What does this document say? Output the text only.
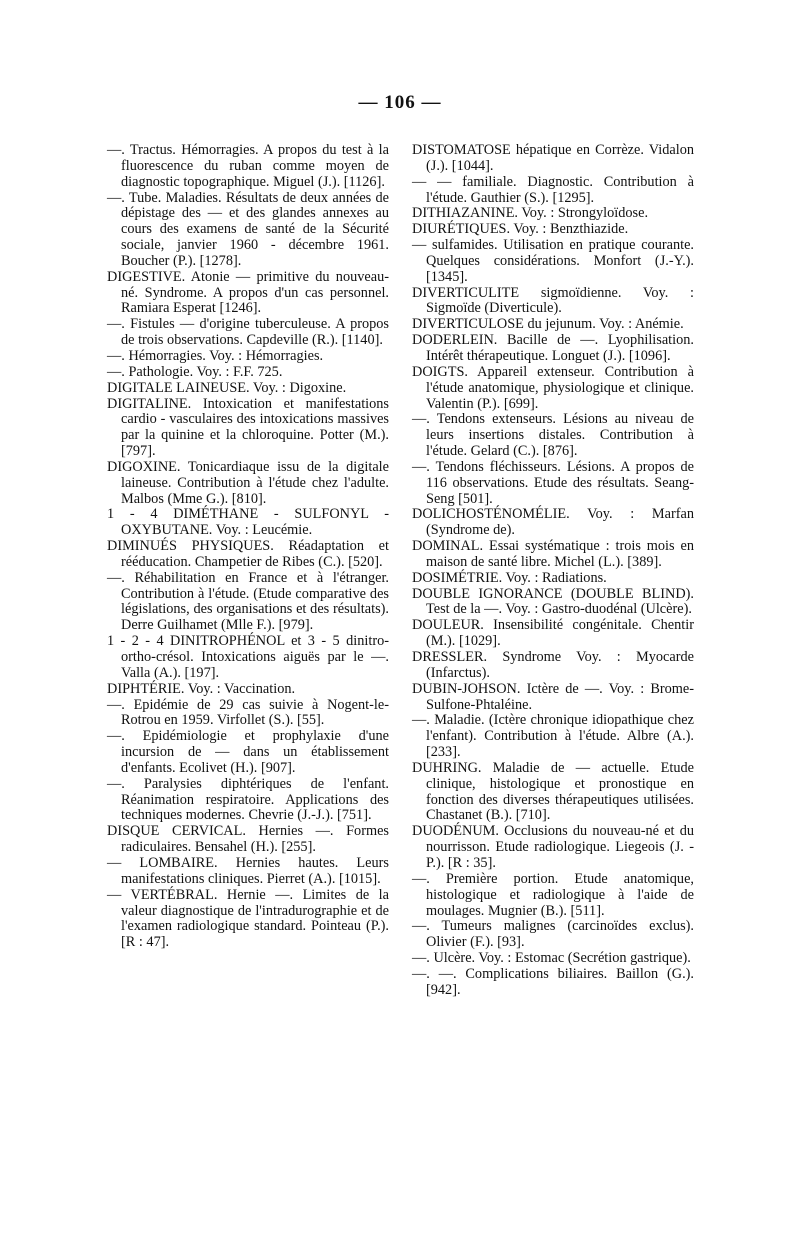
— 106 —

—. Tractus. Hémorragies. A propos du test à la fluorescence du ruban comme moyen de diagnostic topographique. Miguel (J.). [1126].

—. Tube. Maladies. Résultats de deux années de dépistage des — et des glandes annexes au cours des examens de santé de la Sécurité sociale, janvier 1960 - décembre 1961. Boucher (P.). [1278].

DIGESTIVE. Atonie — primitive du nouveau-né. Syndrome. A propos d'un cas personnel. Ramiara Esperat [1246].

—. Fistules — d'origine tuberculeuse. A propos de trois observations. Capdeville (R.). [1140].

—. Hémorragies. Voy. : Hémorragies.

—. Pathologie. Voy. : F.F. 725.

DIGITALE LAINEUSE. Voy. : Digoxine.

DIGITALINE. Intoxication et manifestations cardio - vasculaires des intoxications massives par la quinine et la chloroquine. Potter (M.). [797].

DIGOXINE. Tonicardiaque issu de la digitale laineuse. Contribution à l'étude chez l'adulte. Malbos (Mme G.). [810].

1 - 4 DIMÉTHANE - SULFONYL - OXYBUTANE. Voy. : Leucémie.

DIMINUÉS PHYSIQUES. Réadaptation et rééducation. Champetier de Ribes (C.). [520].

—. Réhabilitation en France et à l'étranger. Contribution à l'étude. (Etude comparative des législations, des organisations et des résultats). Derre Guilhamet (Mlle F.). [979].

1 - 2 - 4 DINITROPHÉNOL et 3 - 5 dinitro-ortho-crésol. Intoxications aiguës par le —. Valla (A.). [197].

DIPHTÉRIE. Voy. : Vaccination.

—. Epidémie de 29 cas suivie à Nogent-le-Rotrou en 1959. Virfollet (S.). [55].

—. Epidémiologie et prophylaxie d'une incursion de — dans un établissement d'enfants. Ecolivet (H.). [907].

—. Paralysies diphtériques de l'enfant. Réanimation respiratoire. Applications des techniques modernes. Chevrie (J.-J.). [751].

DISQUE CERVICAL. Hernies —. Formes radiculaires. Bensahel (H.). [255].

— LOMBAIRE. Hernies hautes. Leurs manifestations cliniques. Pierret (A.). [1015].

— VERTÉBRAL. Hernie —. Limites de la valeur diagnostique de l'intradurographie et de l'examen radiologique standard. Pointeau (P.). [R : 47].

DISTOMATOSE hépatique en Corrèze. Vidalon (J.). [1044].

— — familiale. Diagnostic. Contribution à l'étude. Gauthier (S.). [1295].

DITHIAZANINE. Voy. : Strongyloïdose.

DIURÉTIQUES. Voy. : Benzthiazide.

— sulfamides. Utilisation en pratique courante. Quelques considérations. Monfort (J.-Y.). [1345].

DIVERTICULITE sigmoïdienne. Voy. : Sigmoïde (Diverticule).

DIVERTICULOSE du jejunum. Voy. : Anémie.

DODERLEIN. Bacille de —. Lyophilisation. Intérêt thérapeutique. Longuet (J.). [1096].

DOIGTS. Appareil extenseur. Contribution à l'étude anatomique, physiologique et clinique. Valentin (P.). [699].

—. Tendons extenseurs. Lésions au niveau de leurs insertions distales. Contribution à l'étude. Gelard (C.). [876].

—. Tendons fléchisseurs. Lésions. A propos de 116 observations. Etude des résultats. Seang-Seng [501].

DOLICHOSTÉNOMÉLIE. Voy. : Marfan (Syndrome de).

DOMINAL. Essai systématique : trois mois en maison de santé libre. Michel (L.). [389].

DOSIMÉTRIE. Voy. : Radiations.

DOUBLE IGNORANCE (DOUBLE BLIND). Test de la —. Voy. : Gastro-duodénal (Ulcère).

DOULEUR. Insensibilité congénitale. Chentir (M.). [1029].

DRESSLER. Syndrome Voy. : Myocarde (Infarctus).

DUBIN-JOHSON. Ictère de —. Voy. : Brome-Sulfone-Phtaléine.

—. Maladie. (Ictère chronique idiopathique chez l'enfant). Contribution à l'étude. Albre (A.). [233].

DUHRING. Maladie de — actuelle. Etude clinique, histologique et pronostique en fonction des diverses thérapeutiques utilisées. Chastanet (B.). [710].

DUODÉNUM. Occlusions du nouveau-né et du nourrisson. Etude radiologique. Liegeois (J. - P.). [R : 35].

—. Première portion. Etude anatomique, histologique et radiologique à l'aide de moulages. Mugnier (B.). [511].

—. Tumeurs malignes (carcinoïdes exclus). Olivier (F.). [93].

—. Ulcère. Voy. : Estomac (Secrétion gastrique).

—. —. Complications biliaires. Baillon (G.). [942].
